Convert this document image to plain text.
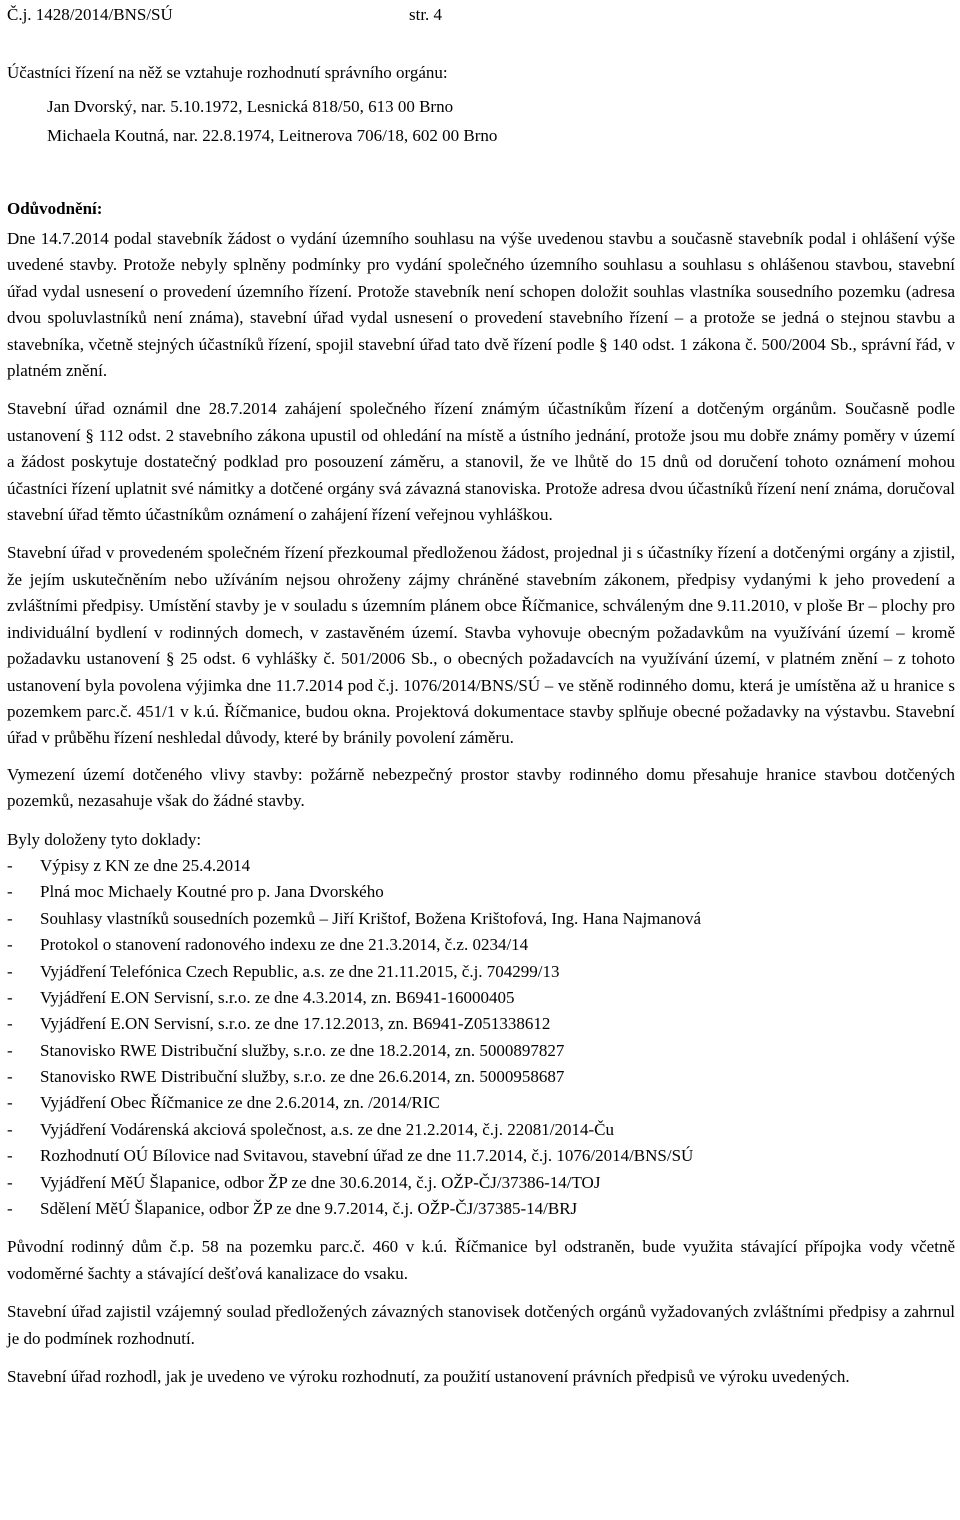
Č.j. 1428/2014/BNS/SÚ	str. 4
Účastníci řízení na něž se vztahuje rozhodnutí správního orgánu:
Jan Dvorský, nar. 5.10.1972, Lesnická 818/50, 613 00 Brno
Michaela Koutná, nar. 22.8.1974, Leitnerova 706/18, 602 00 Brno
Odůvodnění:

Dne 14.7.2014 podal stavebník žádost o vydání územního souhlasu na výše uvedenou stavbu a současně stavebník podal i ohlášení výše uvedené stavby. Protože nebyly splněny podmínky pro vydání společného územního souhlasu a souhlasu s ohlášenou stavbou, stavební úřad vydal usnesení o provedení územního řízení. Protože stavebník není schopen doložit souhlas vlastníka sousedního pozemku (adresa dvou spoluvlastníků není známa), stavební úřad vydal usnesení o provedení stavebního řízení – a protože se jedná o stejnou stavbu a stavebníka, včetně stejných účastníků řízení, spojil stavební úřad tato dvě řízení podle § 140 odst. 1 zákona č. 500/2004 Sb., správní řád, v platném znění.

Stavební úřad oznámil dne 28.7.2014 zahájení společného řízení známým účastníkům řízení a dotčeným orgánům. Současně podle ustanovení § 112 odst. 2 stavebního zákona upustil od ohledání na místě a ústního jednání, protože jsou mu dobře známy poměry v území a žádost poskytuje dostatečný podklad pro posouzení záměru, a stanovil, že ve lhůtě do 15 dnů od doručení tohoto oznámení mohou účastníci řízení uplatnit své námitky a dotčené orgány svá závazná stanoviska. Protože adresa dvou účastníků řízení není známa, doručoval stavební úřad těmto účastníkům oznámení o zahájení řízení veřejnou vyhláškou.

Stavební úřad v provedeném společném řízení přezkoumal předloženou žádost, projednal ji s účastníky řízení a dotčenými orgány a zjistil, že jejím uskutečněním nebo užíváním nejsou ohroženy zájmy chráněné stavebním zákonem, předpisy vydanými k jeho provedení a zvláštními předpisy. Umístění stavby je v souladu s územním plánem obce Říčmanice, schváleným dne 9.11.2010, v ploše Br – plochy pro individuální bydlení v rodinných domech, v zastavěném území. Stavba vyhovuje obecným požadavkům na využívání území – kromě požadavku ustanovení § 25 odst. 6 vyhlášky č. 501/2006 Sb., o obecných požadavcích na využívání území, v platném znění – z tohoto ustanovení byla povolena výjimka dne 11.7.2014 pod č.j. 1076/2014/BNS/SÚ – ve stěně rodinného domu, která je umístěna až u hranice s pozemkem parc.č. 451/1 v k.ú. Říčmanice, budou okna. Projektová dokumentace stavby splňuje obecné požadavky na výstavbu. Stavební úřad v průběhu řízení neshledal důvody, které by bránily povolení záměru.

Vymezení území dotčeného vlivy stavby: požárně nebezpečný prostor stavby rodinného domu přesahuje hranice stavbou dotčených pozemků, nezasahuje však do žádné stavby.

Byly doloženy tyto doklady:

- Výpisy z KN ze dne 25.4.2014
- Plná moc Michaely Koutné pro p. Jana Dvorského
- Souhlasy vlastníků sousedních pozemků – Jiří Krištof, Božena Krištofová, Ing. Hana Najmanová
- Protokol o stanovení radonového indexu ze dne 21.3.2014, č.z. 0234/14
- Vyjádření Telefónica Czech Republic, a.s. ze dne 21.11.2015, č.j. 704299/13
- Vyjádření E.ON Servisní, s.r.o. ze dne 4.3.2014, zn. B6941-16000405
- Vyjádření E.ON Servisní, s.r.o. ze dne 17.12.2013, zn. B6941-Z051338612
- Stanovisko RWE Distribuční služby, s.r.o. ze dne 18.2.2014, zn. 5000897827
- Stanovisko RWE Distribuční služby, s.r.o. ze dne 26.6.2014, zn. 5000958687
- Vyjádření Obec Říčmanice ze dne 2.6.2014, zn. /2014/RIC
- Vyjádření Vodárenská akciová společnost, a.s. ze dne 21.2.2014, č.j. 22081/2014-Ču
- Rozhodnutí OÚ Bílovice nad Svitavou, stavební úřad ze dne 11.7.2014, č.j. 1076/2014/BNS/SÚ
- Vyjádření MěÚ Šlapanice, odbor ŽP ze dne 30.6.2014, č.j. OŽP-ČJ/37386-14/TOJ
- Sdělení MěÚ Šlapanice, odbor ŽP ze dne 9.7.2014, č.j. OŽP-ČJ/37385-14/BRJ

Původní rodinný dům č.p. 58 na pozemku parc.č. 460 v k.ú. Říčmanice byl odstraněn, bude využita stávající přípojka vody včetně vodoměrné šachty a stávající dešťová kanalizace do vsaku.

Stavební úřad zajistil vzájemný soulad předložených závazných stanovisek dotčených orgánů vyžadovaných zvláštními předpisy a zahrnul je do podmínek rozhodnutí.

Stavební úřad rozhodl, jak je uvedeno ve výroku rozhodnutí, za použití ustanovení právních předpisů ve výroku uvedených.
